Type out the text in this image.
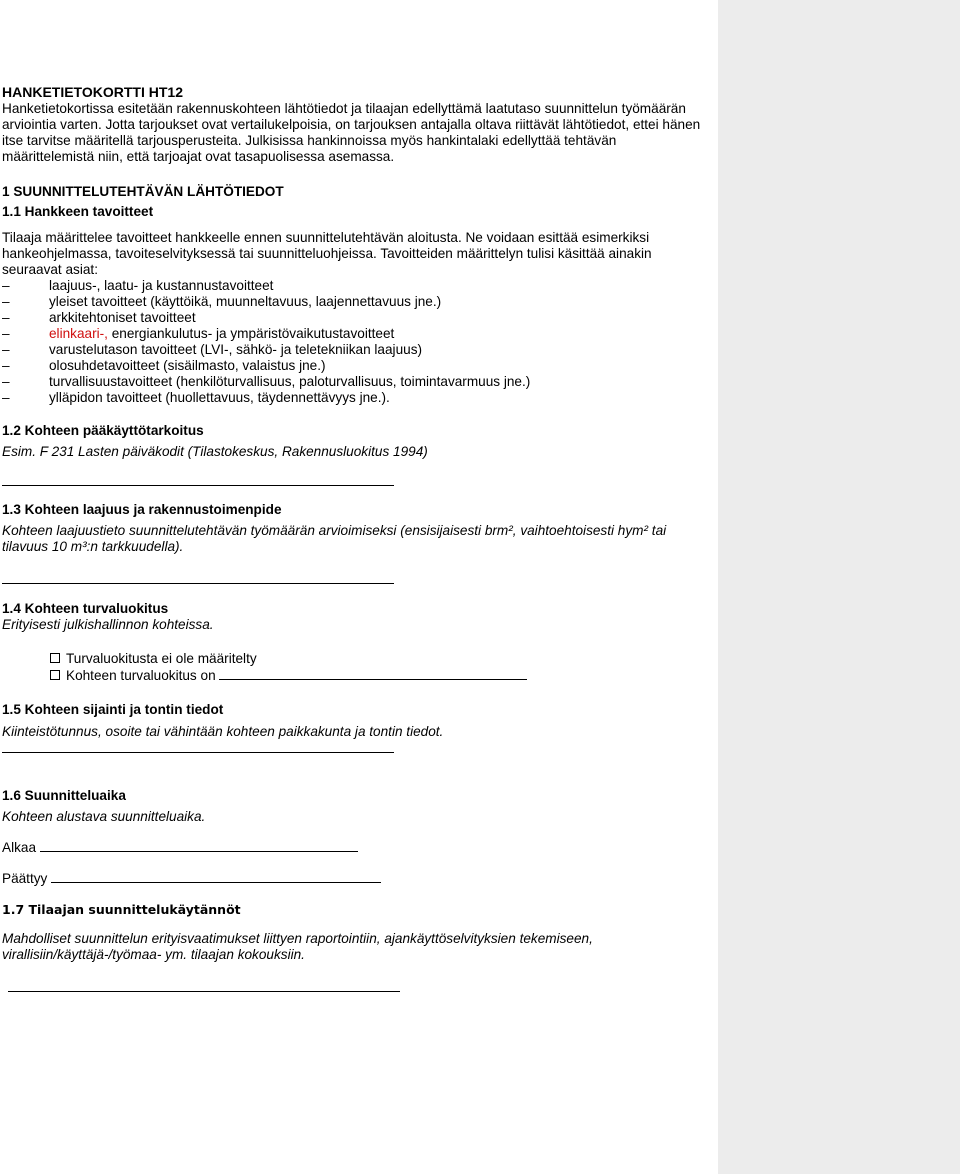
HANKETIETOKORTTI HT12

Hanketietokortissa esitetään rakennuskohteen lähtötiedot ja tilaajan edellyttämä laatutaso suunnittelun työmäärän arviointia varten. Jotta tarjoukset ovat vertailukelpoisia, on tarjouksen antajalla oltava riittävät lähtötiedot, ettei hänen itse tarvitse määritellä tarjousperusteita. Julkisissa hankinnoissa myös hankintalaki edellyttää tehtävän määrittelemistä niin, että tarjoajat ovat tasapuolisessa asemassa.

1 SUUNNITTELUTEHTÄVÄN LÄHTÖTIEDOT

1.1 Hankkeen tavoitteet

Tilaaja määrittelee tavoitteet hankkeelle ennen suunnittelutehtävän aloitusta. Ne voidaan esittää esimerkiksi hankeohjelmassa, tavoiteselvityksessä tai suunnitteluohjeissa. Tavoitteiden määrittelyn tulisi käsittää ainakin seuraavat asiat:

–	laajuus-, laatu- ja kustannustavoitteet
–	yleiset tavoitteet (käyttöikä, muunneltavuus, laajennettavuus jne.)
–	arkkitehtoniset tavoitteet
–	elinkaari-, energiankulutus- ja ympäristövaikutustavoitteet
–	varustelutason tavoitteet (LVI-, sähkö- ja teletekniikan laajuus)
–	olosuhdetavoitteet (sisäilmasto, valaistus jne.)
–	turvallisuustavoitteet (henkilöturvallisuus, paloturvallisuus, toimintavarmuus jne.)
–	ylläpidon tavoitteet (huollettavuus, täydennettävyys jne.).

1.2 Kohteen pääkäyttötarkoitus

Esim. F 231 Lasten päiväkodit (Tilastokeskus, Rakennusluokitus 1994)

1.3 Kohteen laajuus ja rakennustoimenpide

Kohteen laajuustieto suunnittelutehtävän työmäärän arvioimiseksi (ensisijaisesti brm², vaihtoehtoisesti hym² tai tilavuus 10 m³:n tarkkuudella).

1.4 Kohteen turvaluokitus

Erityisesti julkishallinnon kohteissa.

Turvaluokitusta ei ole määritelty

Kohteen turvaluokitus on

1.5 Kohteen sijainti ja tontin tiedot

Kiinteistötunnus, osoite tai vähintään kohteen paikkakunta ja tontin tiedot.

1.6 Suunnitteluaika

Kohteen alustava suunnitteluaika.

Alkaa

Päättyy

1.7 Tilaajan suunnittelukäytännöt

Mahdolliset suunnittelun erityisvaatimukset liittyen raportointiin, ajankäyttöselvityksien tekemiseen, virallisiin/käyttäjä-/työmaa- ym. tilaajan kokouksiin.
